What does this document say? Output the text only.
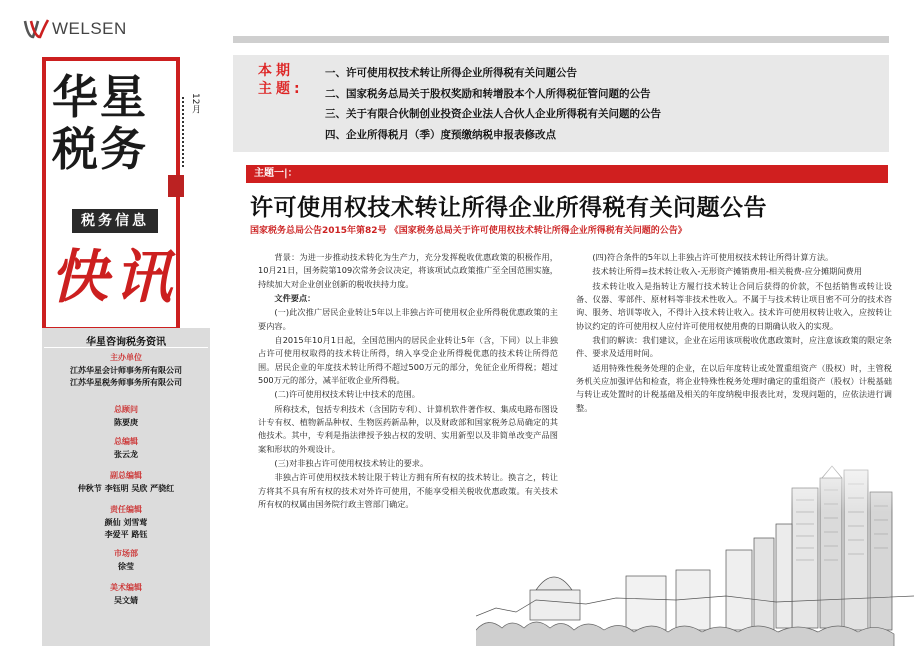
WELSEN
华星
税务
12月
税务信息
快讯
华星咨询税务资讯
主办单位
江苏华星会计师事务所有限公司
江苏华星税务师事务所有限公司
总顾问
陈要庚
总编辑
张云龙
副总编辑
仲秋节 李钰明 吴欣 严骁红
责任编辑
颜仙 刘雪莺
李爱平 路钰
市场部
徐莹
美术编辑
吴文婧
本期
主题:
一、许可使用权技术转让所得企业所得税有关问题公告
二、国家税务总局关于股权奖励和转增股本个人所得税征管问题的公告
三、关于有限合伙制创业投资企业法人合伙人企业所得税有关问题的公告
四、企业所得税月（季）度预缴纳税申报表修改点
主题一|：
许可使用权技术转让所得企业所得税有关问题公告
国家税务总局公告2015年第82号 《国家税务总局关于许可使用权技术转让所得企业所得税有关问题的公告》

背景：为进一步推动技术转化为生产力，充分发挥税收优惠政策的积极作用，10月21日，国务院第109次常务会议决定，将该项试点政策推广至全国范围实施，持续加大对企业创业创新的税收扶持力度。

文件要点：

(一)此次推广居民企业转让5年以上非独占许可使用权企业所得税优惠政策的主要内容。

自2015年10月1日起，全国范围内的居民企业转让5年（含，下同）以上非独占许可使用权取得的技术转让所得，纳入享受企业所得税优惠的技术转让所得范围。居民企业的年度技术转让所得不超过500万元的部分，免征企业所得税；超过500万元的部分，减半征收企业所得税。

(二)许可使用权技术转让中技术的范围。

所称技术，包括专利技术（含国防专利）、计算机软件著作权、集成电路布图设计专有权、植物新品种权、生物医药新品种，以及财政部和国家税务总局确定的其他技术。其中，专利是指法律授予独占权的发明、实用新型以及非简单改变产品图案和形状的外观设计。

(三)对非独占许可使用权技术转让的要求。

非独占许可使用权技术转让限于转让方拥有所有权的技术转让。换言之，转让方将其不具有所有权的技术对外许可使用，不能享受相关税收优惠政策。有关技术所有权的权属由国务院行政主管部门确定。

(四)符合条件的5年以上非独占许可使用权技术转让所得计算方法。

技术转让所得=技术转让收入-无形资产摊销费用-相关税费-应分摊期间费用

技术转让收入是指转让方履行技术转让合同后获得的价款，不包括销售或转让设备、仪器、零部件、原材料等非技术性收入。不属于与技术转让项目密不可分的技术咨询、服务、培训等收入，不得计入技术转让收入。技术许可使用权转让收入，应按转让协议约定的许可使用权人应付许可使用权使用费的日期确认收入的实现。

我们的解读：我们建议，企业在运用该项税收优惠政策时，应注意该政策的限定条件、要求及适用时间。

适用特殊性税务处理的企业，在以后年度转让或处置重组资产（股权）时，主管税务机关应加强评估和检查，将企业特殊性税务处理时确定的重组资产（股权）计税基础与转让或处置时的计税基础及相关的年度纳税申报表比对，发现问题的，应依法进行调整。
